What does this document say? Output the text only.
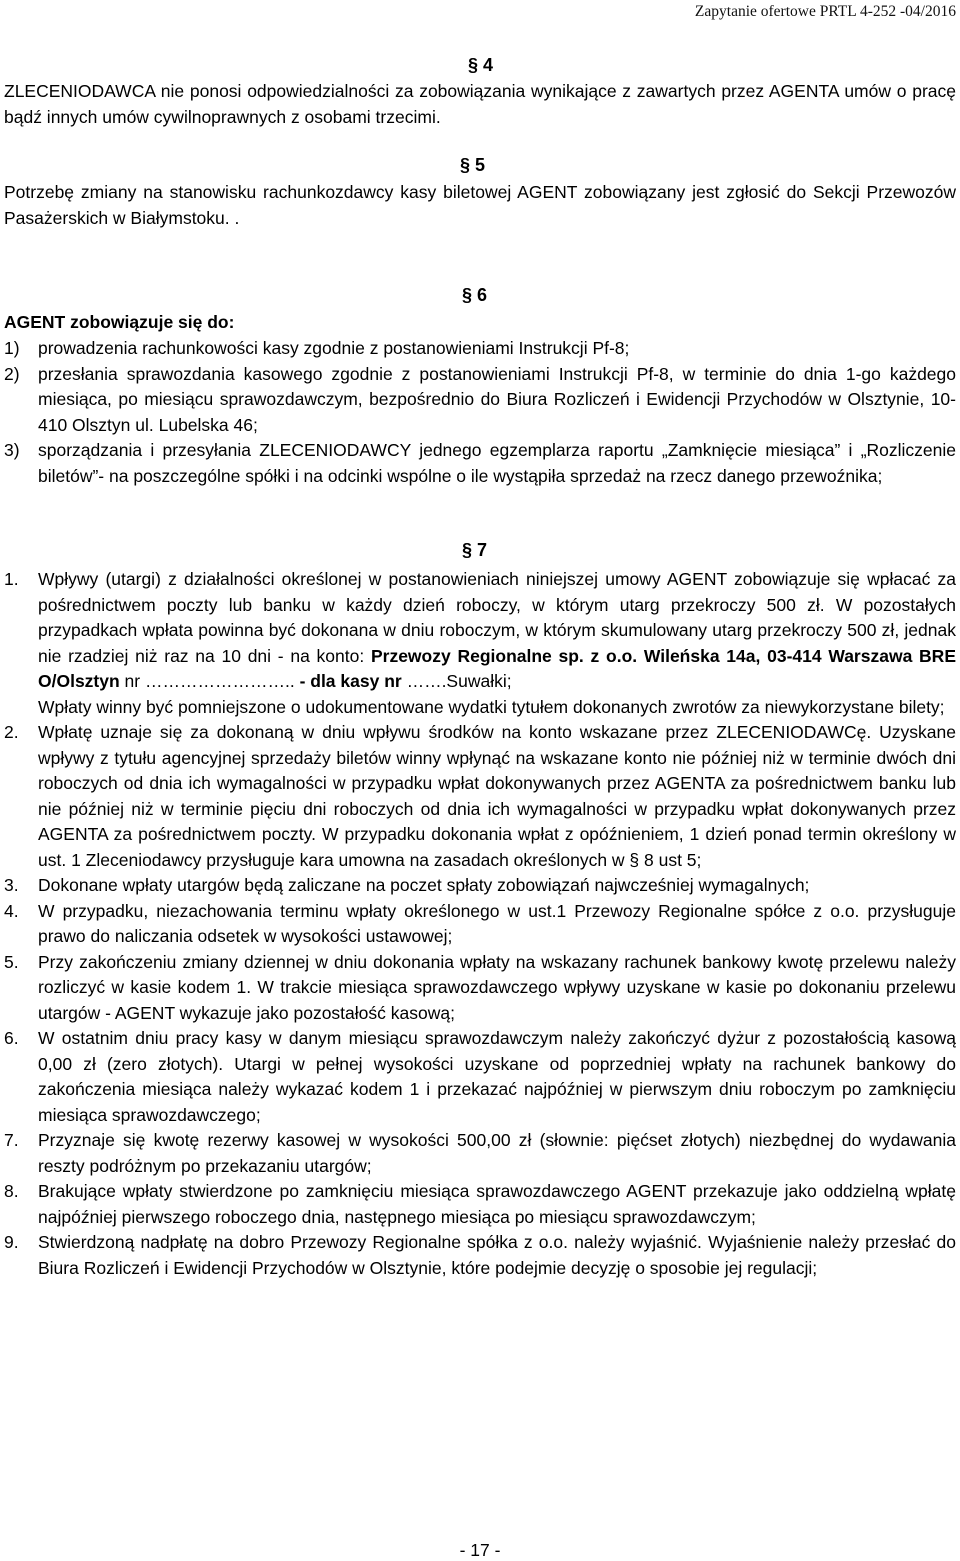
Zapytanie ofertowe PRTL 4-252 -04/2016
§ 4
ZLECENIODAWCA nie ponosi odpowiedzialności za zobowiązania wynikające z zawartych przez AGENTA umów o pracę bądź innych umów cywilnoprawnych z osobami trzecimi.
§ 5
Potrzebę zmiany na stanowisku rachunkozdawcy kasy biletowej AGENT zobowiązany jest zgłosić do Sekcji Przewozów Pasażerskich w Białymstoku. .
§ 6
AGENT zobowiązuje się do:
1)	prowadzenia rachunkowości kasy zgodnie z postanowieniami Instrukcji Pf-8;
2)	przesłania sprawozdania kasowego zgodnie z postanowieniami Instrukcji Pf-8, w terminie do dnia 1-go każdego miesiąca, po miesiącu sprawozdawczym, bezpośrednio do Biura Rozliczeń i Ewidencji Przychodów w Olsztynie, 10-410 Olsztyn ul. Lubelska 46;
3)	sporządzania i przesyłania ZLECENIODAWCY jednego egzemplarza raportu „Zamknięcie miesiąca” i „Rozliczenie biletów”- na poszczególne spółki i na odcinki wspólne o ile wystąpiła sprzedaż na rzecz danego przewoźnika;
§ 7
1.	Wpływy (utargi) z działalności określonej w postanowieniach niniejszej umowy AGENT zobowiązuje się wpłacać za pośrednictwem poczty lub banku w każdy dzień roboczy, w którym utarg przekroczy 500 zł. W pozostałych przypadkach wpłata powinna być dokonana w dniu roboczym, w którym skumulowany utarg przekroczy 500 zł, jednak nie rzadziej niż raz na 10 dni - na konto: Przewozy Regionalne sp. z o.o. Wileńska 14a, 03-414 Warszawa BRE O/Olsztyn nr …………………….. - dla kasy nr …….Suwałki;
Wpłaty winny być pomniejszone o udokumentowane wydatki tytułem dokonanych zwrotów za niewykorzystane bilety;
2.	Wpłatę uznaje się za dokonaną w dniu wpływu środków na konto wskazane przez ZLECENIODAWCę. Uzyskane wpływy z tytułu agencyjnej sprzedaży biletów winny wpłynąć na wskazane konto nie później niż w terminie dwóch dni roboczych od dnia ich wymagalności w przypadku wpłat dokonywanych przez AGENTA za pośrednictwem banku lub nie później niż w terminie pięciu dni roboczych od dnia ich wymagalności w przypadku wpłat dokonywanych przez AGENTA za pośrednictwem poczty. W przypadku dokonania wpłat z opóźnieniem, 1 dzień ponad termin określony w ust. 1 Zleceniodawcy przysługuje kara umowna na zasadach określonych w § 8 ust 5;
3.	Dokonane wpłaty utargów będą zaliczane na poczet spłaty zobowiązań najwcześniej wymagalnych;
4.	W przypadku, niezachowania terminu wpłaty określonego w ust.1 Przewozy Regionalne spółce z o.o. przysługuje prawo do naliczania odsetek w wysokości ustawowej;
5.	Przy zakończeniu zmiany dziennej w dniu dokonania wpłaty na wskazany rachunek bankowy kwotę przelewu należy rozliczyć w kasie kodem 1. W trakcie miesiąca sprawozdawczego wpływy uzyskane w kasie po dokonaniu przelewu utargów - AGENT wykazuje jako pozostałość kasową;
6.	W ostatnim dniu pracy kasy w danym miesiącu sprawozdawczym należy zakończyć dyżur z pozostałością kasową 0,00 zł (zero złotych). Utargi w pełnej wysokości uzyskane od poprzedniej wpłaty na rachunek bankowy do zakończenia miesiąca należy wykazać kodem 1 i przekazać najpóźniej w pierwszym dniu roboczym po zamknięciu miesiąca sprawozdawczego;
7.	Przyznaje się kwotę rezerwy kasowej w wysokości 500,00 zł (słownie: pięćset złotych) niezbędnej do wydawania reszty podróżnym po przekazaniu utargów;
8.	Brakujące wpłaty stwierdzone po zamknięciu miesiąca sprawozdawczego AGENT przekazuje jako oddzielną wpłatę najpóźniej pierwszego roboczego dnia, następnego miesiąca po miesiącu sprawozdawczym;
9.	Stwierdzoną nadpłatę na dobro Przewozy Regionalne spółka z o.o. należy wyjaśnić. Wyjaśnienie należy przesłać do Biura Rozliczeń i Ewidencji Przychodów w Olsztynie, które podejmie decyzję o sposobie jej regulacji;
- 17 -
